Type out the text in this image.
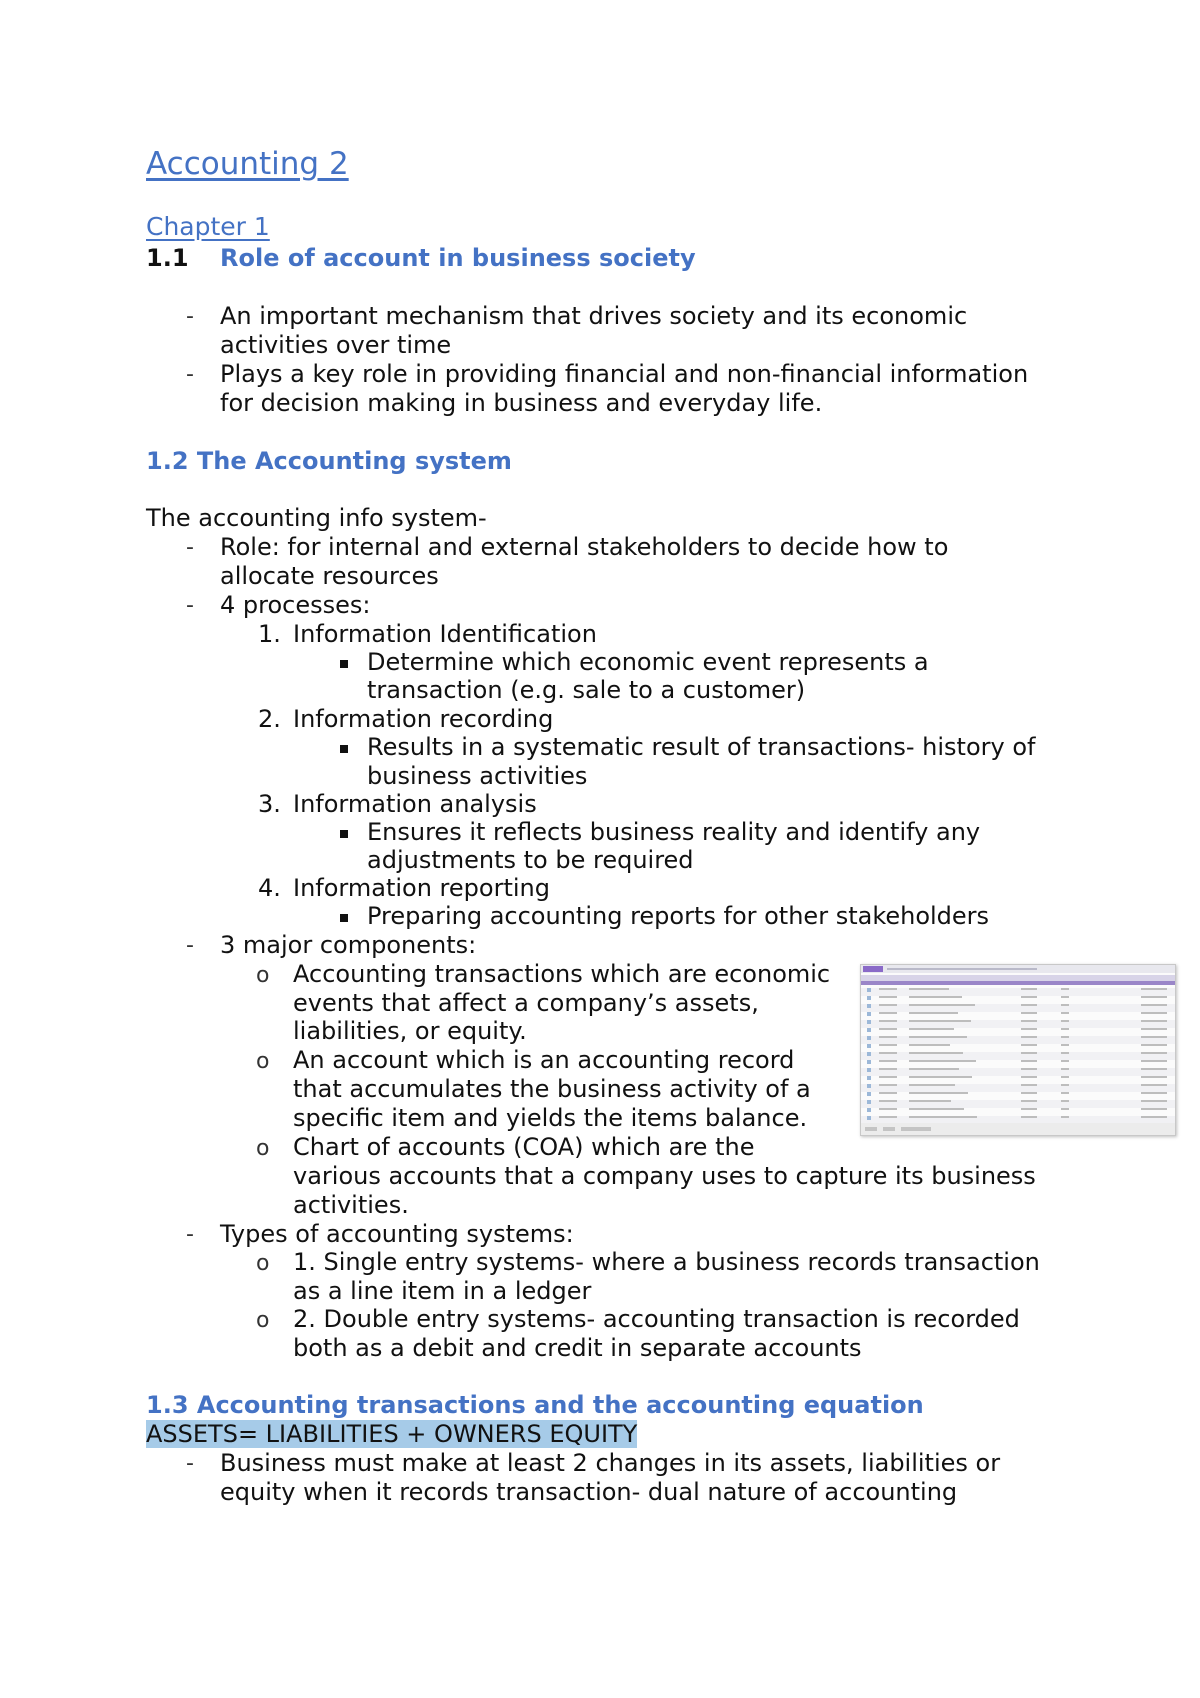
Accounting 2
Chapter 1
1.1 Role of account in business society
- An important mechanism that drives society and its economic
activities over time
- Plays a key role in providing financial and non-financial information
for decision making in business and everyday life.
1.2 The Accounting system
The accounting info system-
- Role: for internal and external stakeholders to decide how to
allocate resources
- 4 processes:
1. Information Identification
Determine which economic event represents a
transaction (e.g. sale to a customer)
2. Information recording
Results in a systematic result of transactions- history of
business activities
3. Information analysis
Ensures it reflects business reality and identify any
adjustments to be required
4. Information reporting
Preparing accounting reports for other stakeholders
- 3 major components:
o Accounting transactions which are economic
events that affect a company’s assets,
liabilities, or equity.
o An account which is an accounting record
that accumulates the business activity of a
specific item and yields the items balance.
o Chart of accounts (COA) which are the
various accounts that a company uses to capture its business
activities.
- Types of accounting systems:
o 1. Single entry systems- where a business records transaction
as a line item in a ledger
o 2. Double entry systems- accounting transaction is recorded
both as a debit and credit in separate accounts
1.3 Accounting transactions and the accounting equation
ASSETS= LIABILITIES + OWNERS EQUITY
- Business must make at least 2 changes in its assets, liabilities or
equity when it records transaction- dual nature of accounting
